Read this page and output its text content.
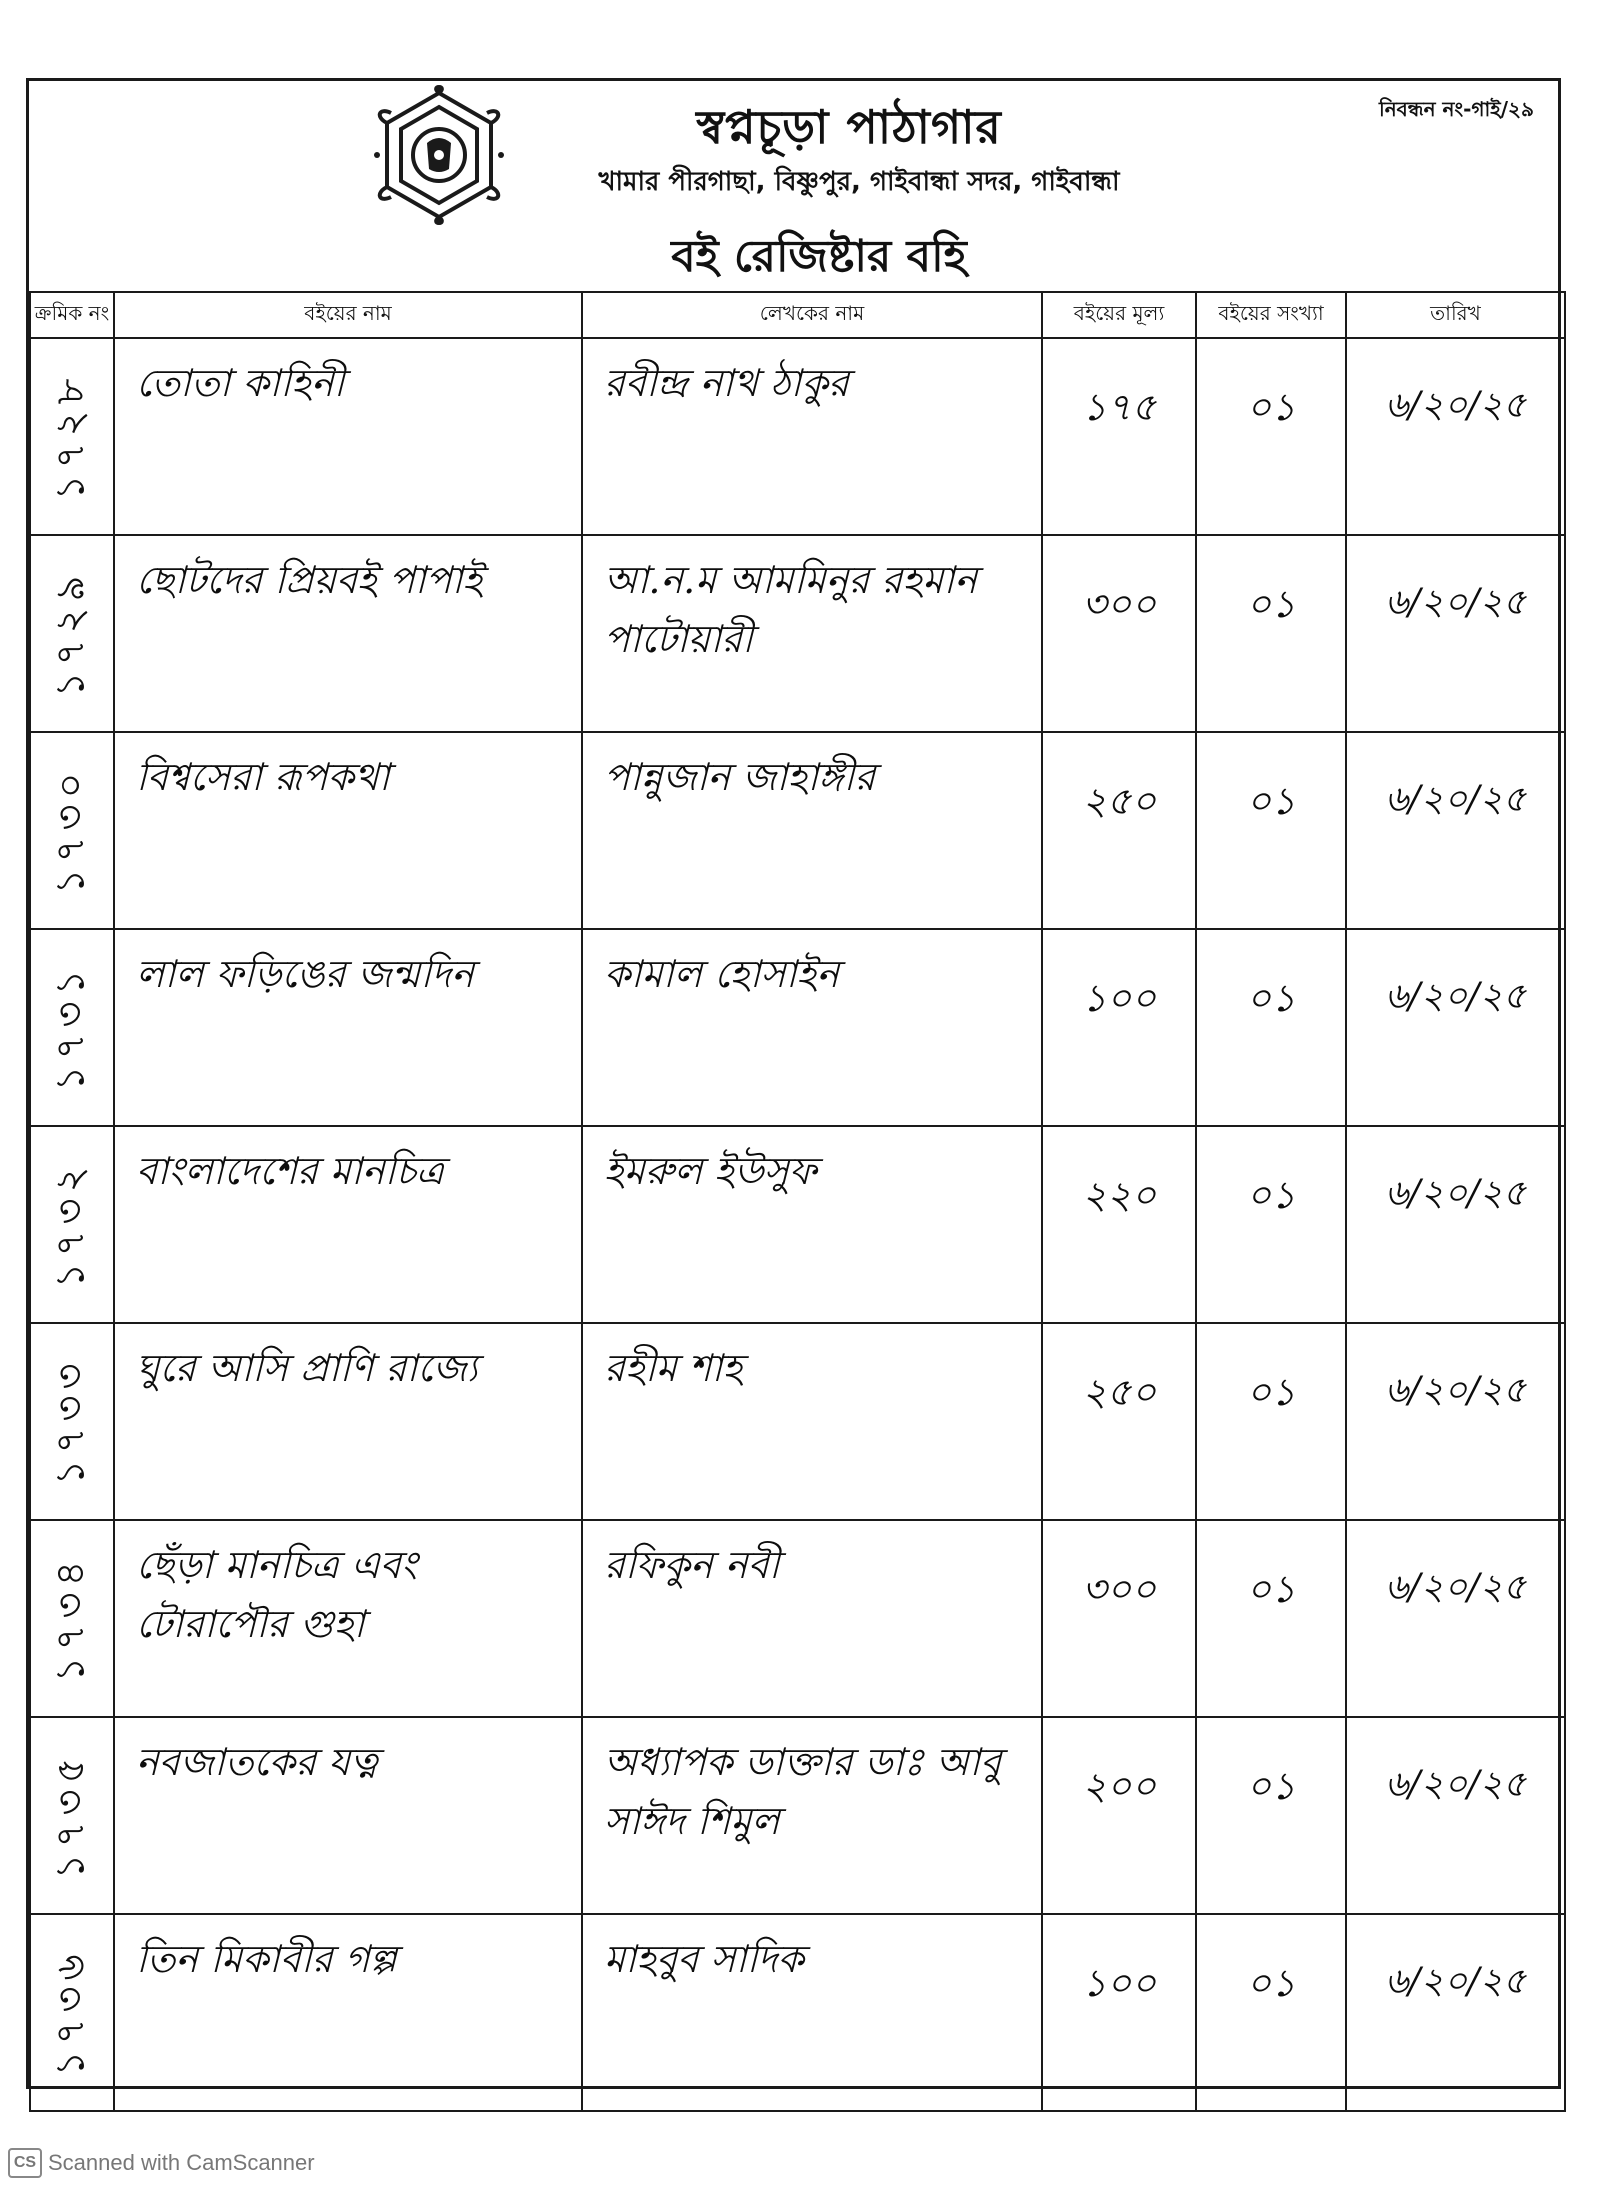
স্বপ্নচূড়া পাঠাগার
খামার পীরগাছা, বিষ্ণুপুর, গাইবান্ধা সদর, গাইবান্ধা
নিবন্ধন নং-গাই/২৯
বই রেজিষ্টার বহি
ক্রমিক নং	বইয়ের নাম	লেখকের নাম	বইয়ের মূল্য	বইয়ের সংখ্যা	তারিখ

১৭২৮	তোতা কাহিনী	রবীন্দ্র নাথ ঠাকুর	১৭৫	০১	৬/২০/২৫

১৭২৯	ছোটদের প্রিয়বই পাপাই	আ.ন.ম আমমিনুর রহমান পাটোয়ারী	৩০০	০১	৬/২০/২৫

১৭৩০	বিশ্বসেরা রূপকথা	পান্নুজান জাহাঙ্গীর	২৫০	০১	৬/২০/২৫

১৭৩১	লাল ফড়িঙের জন্মদিন	কামাল হোসাইন	১০০	০১	৬/২০/২৫

১৭৩২	বাংলাদেশের মানচিত্র	ইমরুল ইউসুফ	২২০	০১	৬/২০/২৫

১৭৩৩	ঘুরে আসি প্রাণি রাজ্যে	রহীম শাহ	২৫০	০১	৬/২০/২৫

১৭৩৪	ছেঁড়া মানচিত্র এবং টোরাপৌর গুহা	রফিকুন নবী	৩০০	০১	৬/২০/২৫

১৭৩৫	নবজাতকের যত্ন	অধ্যাপক ডাক্তার ডাঃ আবু সাঈদ শিমুল	২০০	০১	৬/২০/২৫

১৭৩৬	তিন মিকাবীর গল্প	মাহবুব সাদিক	১০০	০১	৬/২০/২৫
CS Scanned with CamScanner
